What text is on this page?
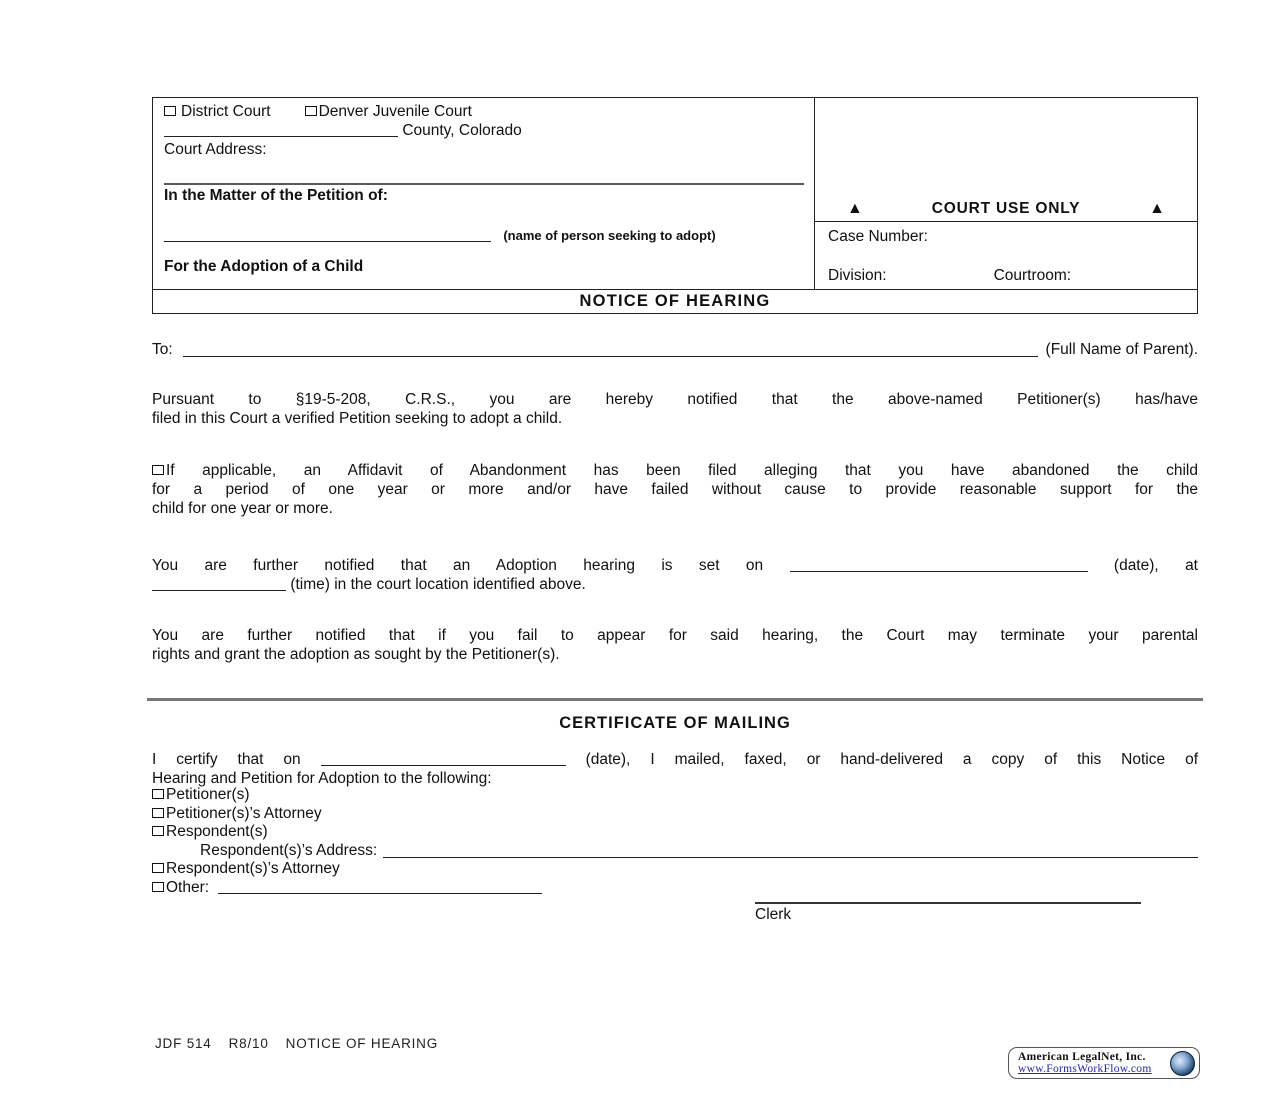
District Court	Denver Juvenile Court
County, Colorado
Court Address:
In the Matter of the Petition of:
(name of person seeking to adopt)
For the Adoption of a Child
▲	COURT USE ONLY	▲
Case Number:
Division:	Courtroom:
NOTICE OF HEARING
To:	(Full Name of Parent).
Pursuant to §19-5-208, C.R.S., you are hereby notified that the above-named Petitioner(s) has/have
filed in this Court a verified Petition seeking to adopt a child.
If applicable, an Affidavit of Abandonment has been filed alleging that you have abandoned the child
for a period of one year or more and/or have failed without cause to provide reasonable support for the
child for one year or more.
You are further notified that an Adoption hearing is set on	(date), at
(time) in the court location identified above.
You are further notified that if you fail to appear for said hearing, the Court may terminate your parental
rights and grant the adoption as sought by the Petitioner(s).
CERTIFICATE OF MAILING
I certify that on	(date), I mailed, faxed, or hand-delivered a copy of this Notice of
Hearing and Petition for Adoption to the following:
Petitioner(s)
Petitioner(s)’s Attorney
Respondent(s)
Respondent(s)’s Address:
Respondent(s)’s Attorney
Other:
Clerk
JDF 514 R8/10 NOTICE OF HEARING
American LegalNet, Inc.
www.FormsWorkFlow.com
